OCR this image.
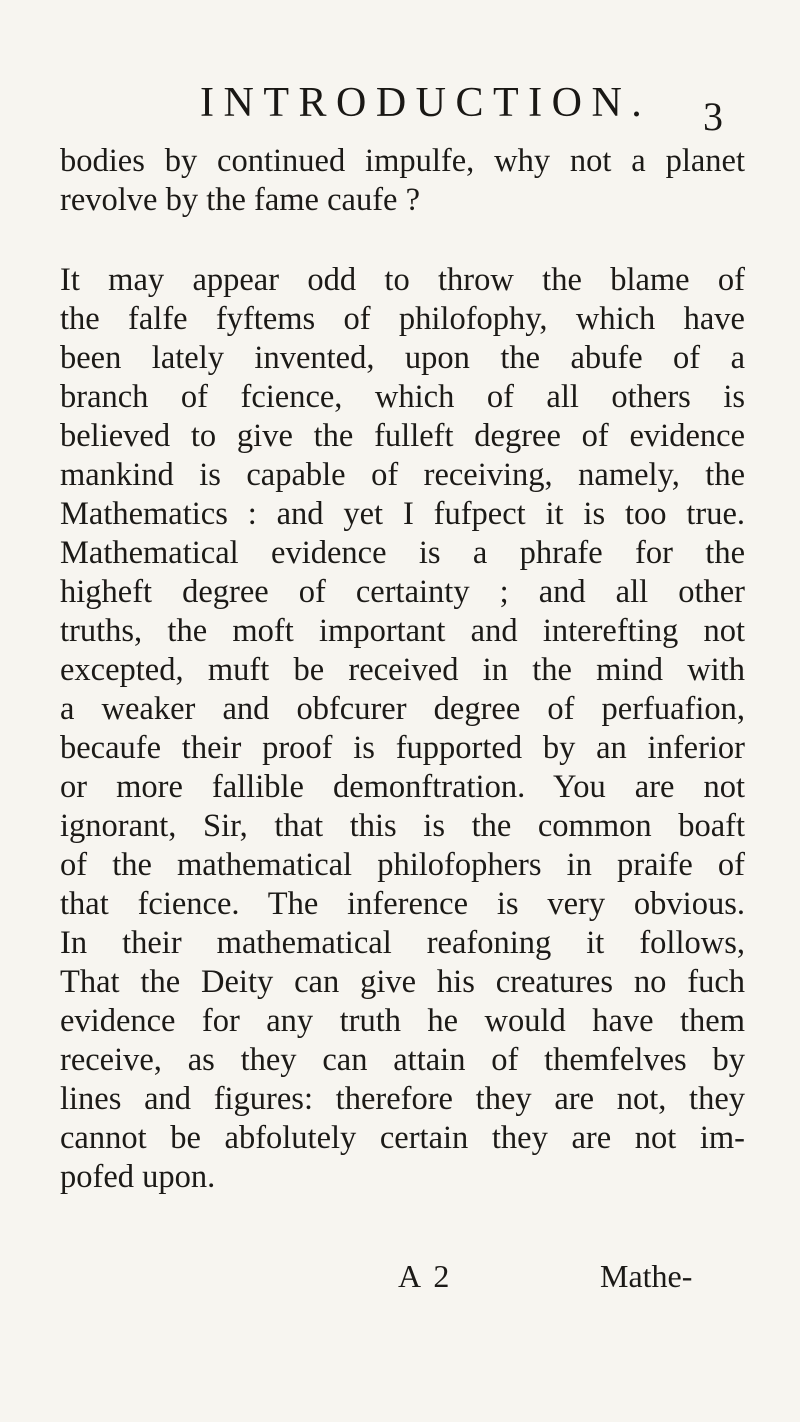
INTRODUCTION. 3
bodies by continued impulfe, why not a planet
revolve by the fame caufe ?
It may appear odd to throw the blame of
the falfe fyftems of philofophy, which have
been lately invented, upon the abufe of a
branch of fcience, which of all others is
believed to give the fulleft degree of evidence
mankind is capable of receiving, namely, the
Mathematics : and yet I fufpect it is too true.
Mathematical evidence is a phrafe for the
higheft degree of certainty ; and all other
truths, the moft important and interefting not
excepted, muft be received in the mind with
a weaker and obfcurer degree of perfuafion,
becaufe their proof is fupported by an inferior
or more fallible demonftration. You are not
ignorant, Sir, that this is the common boaft
of the mathematical philofophers in praife of
that fcience. The inference is very obvious.
In their mathematical reafoning it follows,
That the Deity can give his creatures no fuch
evidence for any truth he would have them
receive, as they can attain of themfelves by
lines and figures: therefore they are not, they
cannot be abfolutely certain they are not im-
pofed upon.
A 2	Mathe-
